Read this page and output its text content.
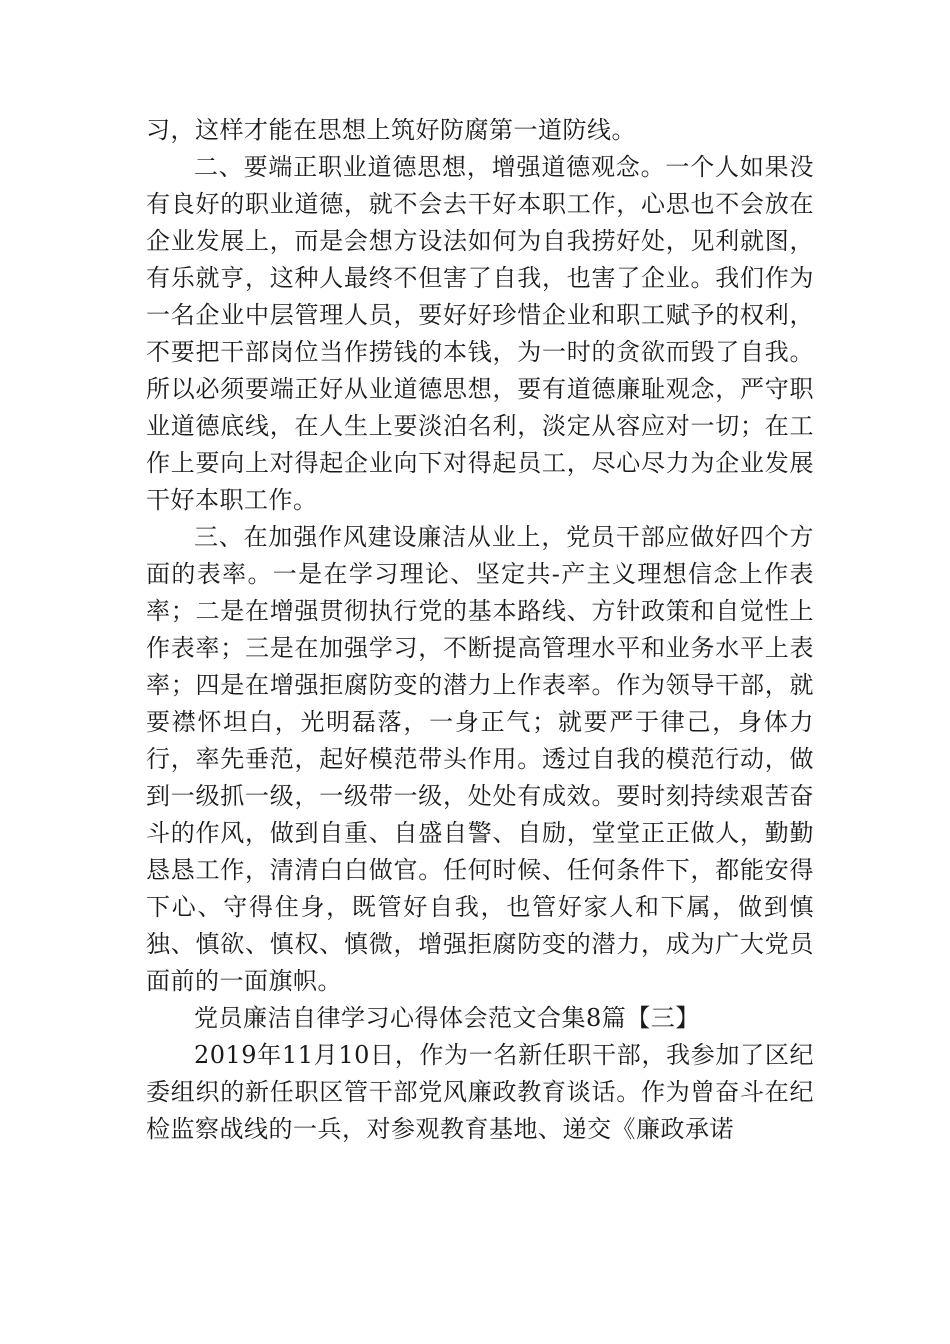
习，这样才能在思想上筑好防腐第一道防线。

二、要端正职业道德思想，增强道德观念。一个人如果没有良好的职业道德，就不会去干好本职工作，心思也不会放在企业发展上，而是会想方设法如何为自我捞好处，见利就图，有乐就亨，这种人最终不但害了自我，也害了企业。我们作为一名企业中层管理人员，要好好珍惜企业和职工赋予的权利，不要把干部岗位当作捞钱的本钱，为一时的贪欲而毁了自我。所以必须要端正好从业道德思想，要有道德廉耻观念，严守职业道德底线，在人生上要淡泊名利，淡定从容应对一切；在工作上要向上对得起企业向下对得起员工，尽心尽力为企业发展干好本职工作。

三、在加强作风建设廉洁从业上，党员干部应做好四个方面的表率。一是在学习理论、坚定共-产主义理想信念上作表率；二是在增强贯彻执行党的基本路线、方针政策和自觉性上作表率；三是在加强学习，不断提高管理水平和业务水平上表率；四是在增强拒腐防变的潜力上作表率。作为领导干部，就要襟怀坦白，光明磊落，一身正气；就要严于律己，身体力行，率先垂范，起好模范带头作用。透过自我的模范行动，做到一级抓一级，一级带一级，处处有成效。要时刻持续艰苦奋斗的作风，做到自重、自盛自警、自励，堂堂正正做人，勤勤恳恳工作，清清白白做官。任何时候、任何条件下，都能安得下心、守得住身，既管好自我，也管好家人和下属，做到慎独、慎欲、慎权、慎微，增强拒腐防变的潜力，成为广大党员面前的一面旗帜。

党员廉洁自律学习心得体会范文合集8篇【三】

2019年11月10日，作为一名新任职干部，我参加了区纪委组织的新任职区管干部党风廉政教育谈话。作为曾奋斗在纪检监察战线的一兵，对参观教育基地、递交《廉政承诺
